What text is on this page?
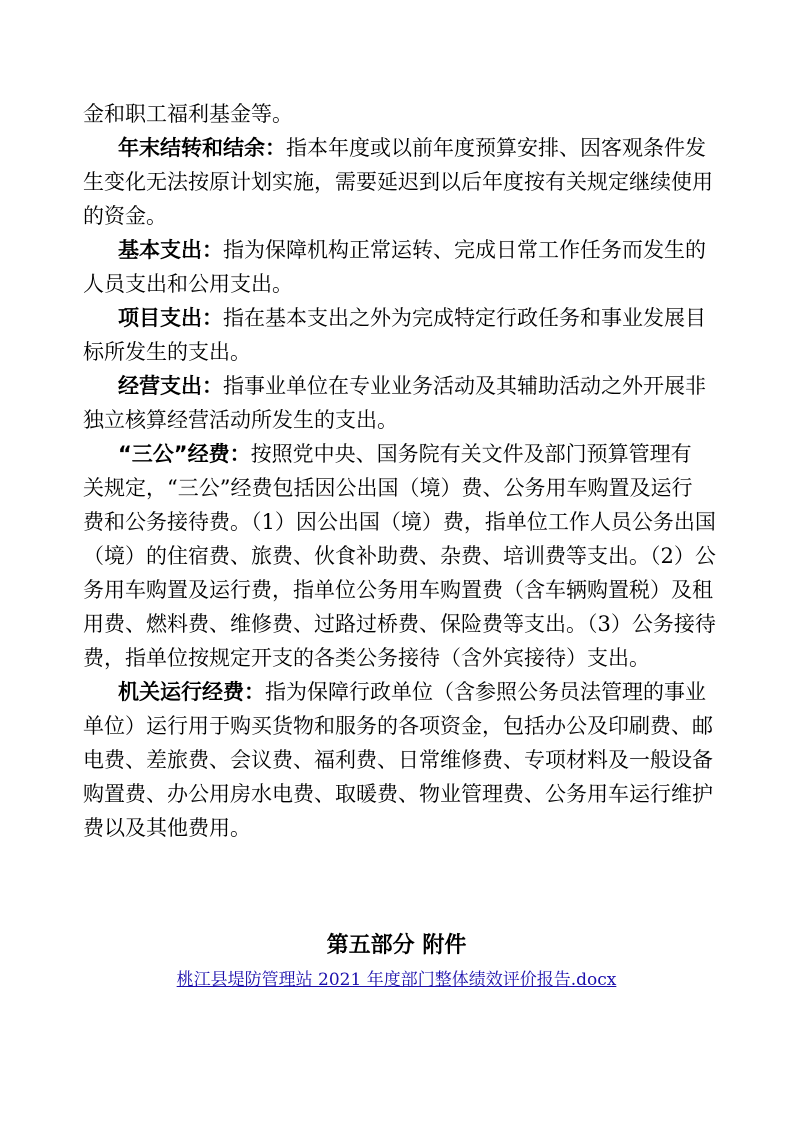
金和职工福利基金等。
年末结转和结余：指本年度或以前年度预算安排、因客观条件发
生变化无法按原计划实施，需要延迟到以后年度按有关规定继续使用
的资金。
基本支出：指为保障机构正常运转、完成日常工作任务而发生的
人员支出和公用支出。
项目支出：指在基本支出之外为完成特定行政任务和事业发展目
标所发生的支出。
经营支出：指事业单位在专业业务活动及其辅助活动之外开展非
独立核算经营活动所发生的支出。
“三公”经费：按照党中央、国务院有关文件及部门预算管理有
关规定，“三公”经费包括因公出国（境）费、公务用车购置及运行
费和公务接待费。（1）因公出国（境）费，指单位工作人员公务出国
（境）的住宿费、旅费、伙食补助费、杂费、培训费等支出。（2）公
务用车购置及运行费，指单位公务用车购置费（含车辆购置税）及租
用费、燃料费、维修费、过路过桥费、保险费等支出。（3）公务接待
费，指单位按规定开支的各类公务接待（含外宾接待）支出。
机关运行经费：指为保障行政单位（含参照公务员法管理的事业
单位）运行用于购买货物和服务的各项资金，包括办公及印刷费、邮
电费、差旅费、会议费、福利费、日常维修费、专项材料及一般设备
购置费、办公用房水电费、取暖费、物业管理费、公务用车运行维护
费以及其他费用。
第五部分 附件
桃江县堤防管理站 2021 年度部门整体绩效评价报告.docx
